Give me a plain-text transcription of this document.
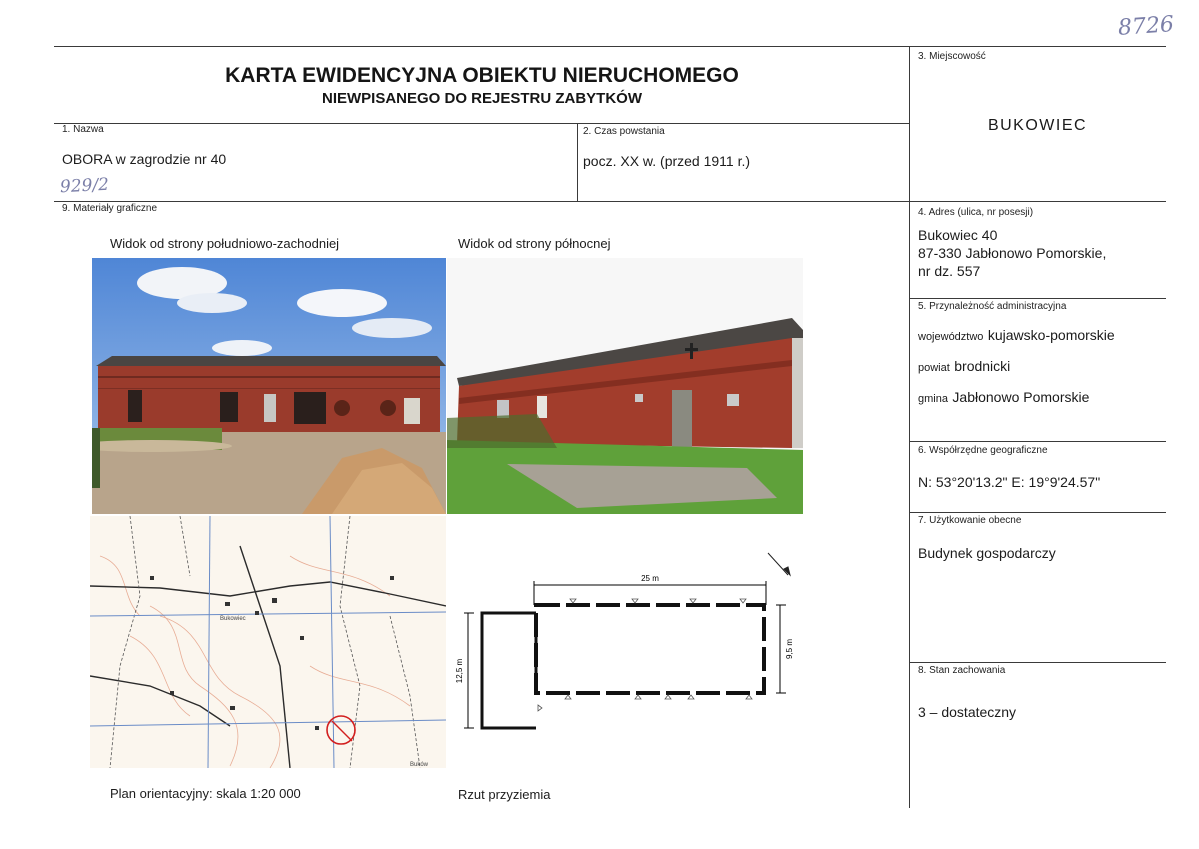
8726
KARTA EWIDENCYJNA OBIEKTU NIERUCHOMEGO
NIEWPISANEGO DO REJESTRU ZABYTKÓW
1. Nazwa
OBORA w zagrodzie nr 40
929/2
2. Czas powstania
pocz. XX w. (przed 1911 r.)
3. Miejscowość
BUKOWIEC
4. Adres (ulica, nr posesji)
Bukowiec 40
87-330 Jabłonowo Pomorskie,
nr dz. 557
5. Przynależność administracyjna
województwo kujawsko-pomorskie
powiat brodnicki
gmina Jabłonowo Pomorskie
6. Współrzędne geograficzne
N: 53°20'13.2" E: 19°9'24.57"
7. Użytkowanie obecne
Budynek gospodarczy
8. Stan zachowania
3 – dostateczny
9. Materiały graficzne
Widok od strony południowo-zachodniej	Widok od strony północnej
Bukowiec
Buków
25 m
12,5 m
9,5 m
Plan orientacyjny: skala 1:20 000	Rzut przyziemia
